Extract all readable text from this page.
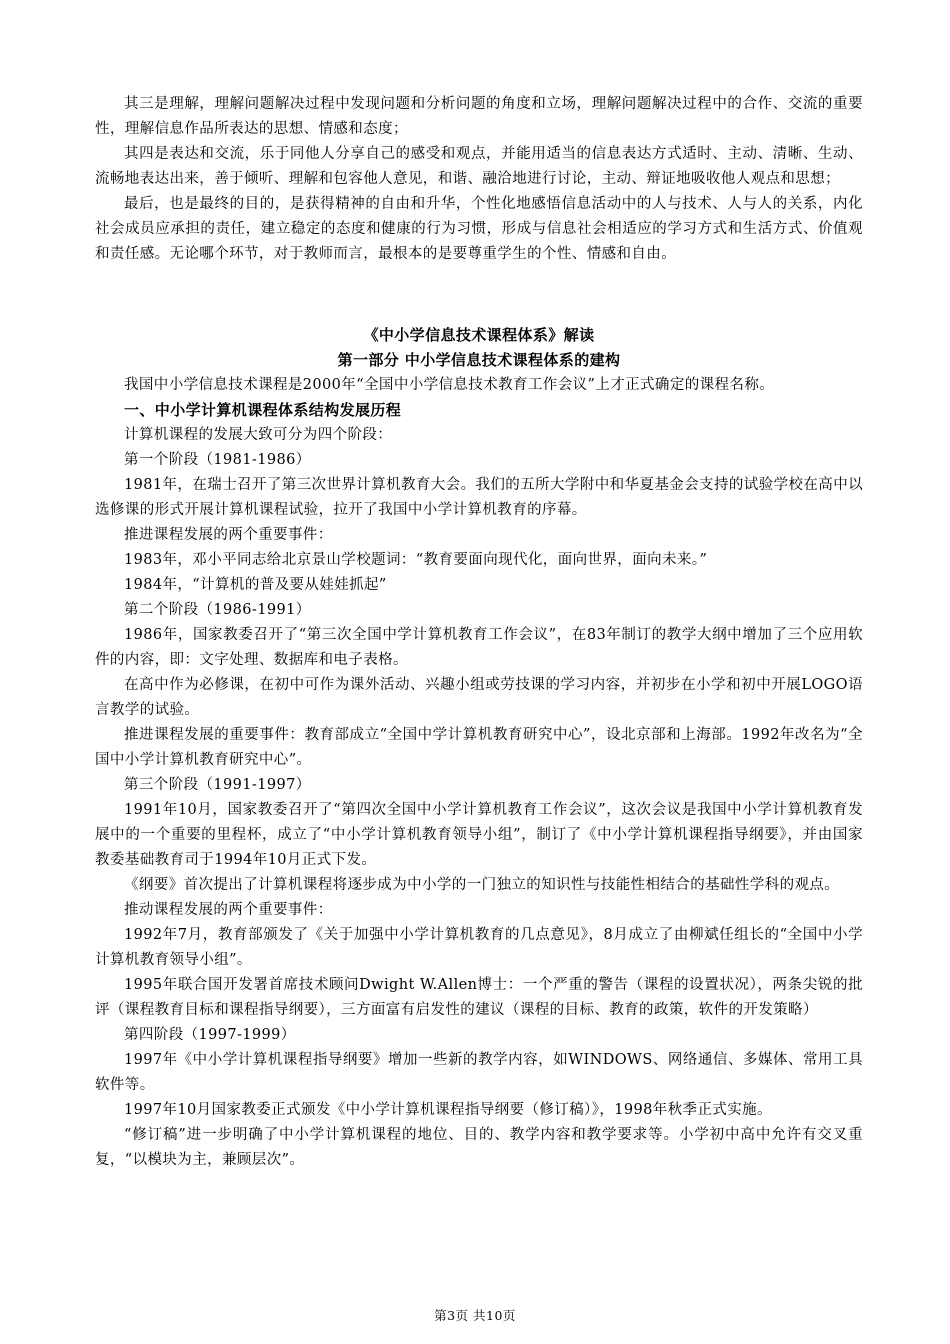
其三是理解，理解问题解决过程中发现问题和分析问题的角度和立场，理解问题解决过程中的合作、交流的重要性，理解信息作品所表达的思想、情感和态度；

其四是表达和交流，乐于同他人分享自己的感受和观点，并能用适当的信息表达方式适时、主动、清晰、生动、流畅地表达出来，善于倾听、理解和包容他人意见，和谐、融洽地进行讨论，主动、辩证地吸收他人观点和思想；

最后，也是最终的目的，是获得精神的自由和升华，个性化地感悟信息活动中的人与技术、人与人的关系，内化社会成员应承担的责任，建立稳定的态度和健康的行为习惯，形成与信息社会相适应的学习方式和生活方式、价值观和责任感。无论哪个环节，对于教师而言，最根本的是要尊重学生的个性、情感和自由。

《中小学信息技术课程体系》解读
第一部分 中小学信息技术课程体系的建构

我国中小学信息技术课程是2000年“全国中小学信息技术教育工作会议”上才正式确定的课程名称。

一、中小学计算机课程体系结构发展历程

计算机课程的发展大致可分为四个阶段：

第一个阶段（1981-1986）

1981年，在瑞士召开了第三次世界计算机教育大会。我们的五所大学附中和华夏基金会支持的试验学校在高中以选修课的形式开展计算机课程试验，拉开了我国中小学计算机教育的序幕。

推进课程发展的两个重要事件：

1983年，邓小平同志给北京景山学校题词：“教育要面向现代化，面向世界，面向未来。”

1984年，“计算机的普及要从娃娃抓起”

第二个阶段（1986-1991）

1986年，国家教委召开了“第三次全国中学计算机教育工作会议”，在83年制订的教学大纲中增加了三个应用软件的内容，即：文字处理、数据库和电子表格。

在高中作为必修课，在初中可作为课外活动、兴趣小组或劳技课的学习内容，并初步在小学和初中开展LOGO语言教学的试验。

推进课程发展的重要事件：教育部成立“全国中学计算机教育研究中心”，设北京部和上海部。1992年改名为“全国中小学计算机教育研究中心”。

第三个阶段（1991-1997）

1991年10月，国家教委召开了“第四次全国中小学计算机教育工作会议”，这次会议是我国中小学计算机教育发展中的一个重要的里程杯，成立了“中小学计算机教育领导小组”，制订了《中小学计算机课程指导纲要》，并由国家教委基础教育司于1994年10月正式下发。

《纲要》首次提出了计算机课程将逐步成为中小学的一门独立的知识性与技能性相结合的基础性学科的观点。

推动课程发展的两个重要事件：

1992年7月，教育部颁发了《关于加强中小学计算机教育的几点意见》，8月成立了由柳斌任组长的“全国中小学计算机教育领导小组”。

1995年联合国开发署首席技术顾问Dwight W.Allen博士：一个严重的警告（课程的设置状况），两条尖锐的批评（课程教育目标和课程指导纲要），三方面富有启发性的建议（课程的目标、教育的政策，软件的开发策略）

第四阶段（1997-1999）

1997年《中小学计算机课程指导纲要》增加一些新的教学内容，如WINDOWS、网络通信、多媒体、常用工具软件等。

1997年10月国家教委正式颁发《中小学计算机课程指导纲要（修订稿）》，1998年秋季正式实施。

“修订稿”进一步明确了中小学计算机课程的地位、目的、教学内容和教学要求等。小学初中高中允许有交叉重复，“以模块为主，兼顾层次”。

第3页 共10页
